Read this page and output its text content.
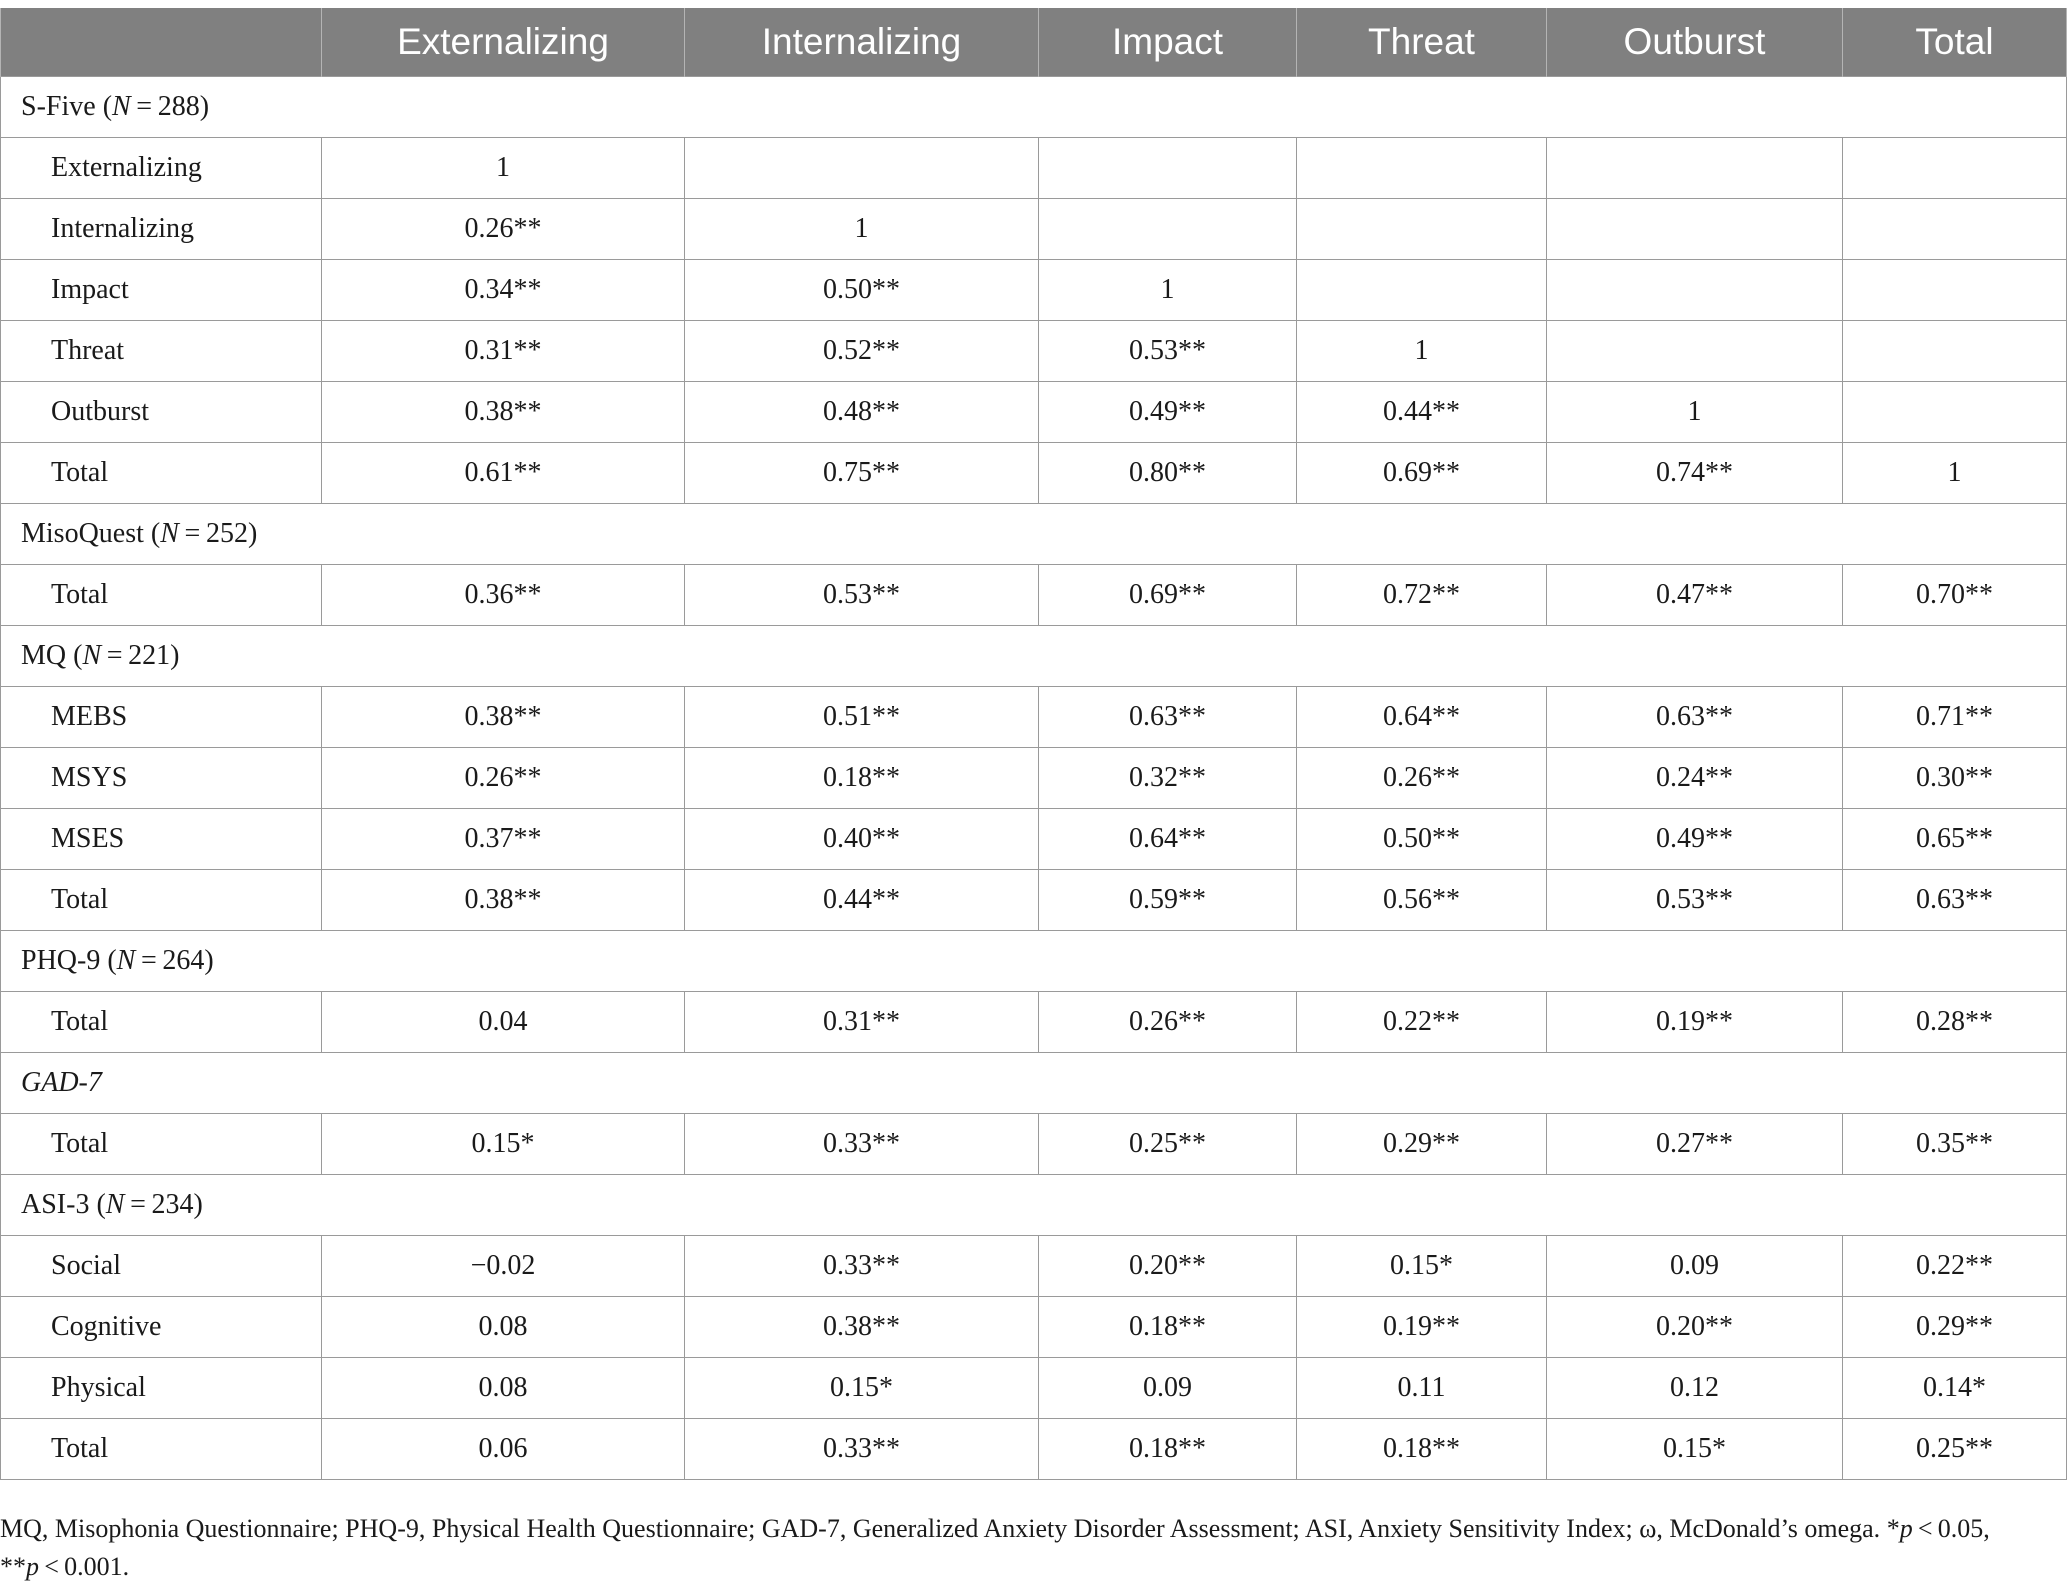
	Externalizing	Internalizing	Impact	Threat	Outburst	Total
S-Five (N = 288)						
Externalizing	1					
Internalizing	0.26**	1				
Impact	0.34**	0.50**	1			
Threat	0.31**	0.52**	0.53**	1		
Outburst	0.38**	0.48**	0.49**	0.44**	1	
Total	0.61**	0.75**	0.80**	0.69**	0.74**	1
MisoQuest (N = 252)						
Total	0.36**	0.53**	0.69**	0.72**	0.47**	0.70**
MQ (N = 221)						
MEBS	0.38**	0.51**	0.63**	0.64**	0.63**	0.71**
MSYS	0.26**	0.18**	0.32**	0.26**	0.24**	0.30**
MSES	0.37**	0.40**	0.64**	0.50**	0.49**	0.65**
Total	0.38**	0.44**	0.59**	0.56**	0.53**	0.63**
PHQ-9 (N = 264)						
Total	0.04	0.31**	0.26**	0.22**	0.19**	0.28**
GAD-7						
Total	0.15*	0.33**	0.25**	0.29**	0.27**	0.35**
ASI-3 (N = 234)						
Social	−0.02	0.33**	0.20**	0.15*	0.09	0.22**
Cognitive	0.08	0.38**	0.18**	0.19**	0.20**	0.29**
Physical	0.08	0.15*	0.09	0.11	0.12	0.14*
Total	0.06	0.33**	0.18**	0.18**	0.15*	0.25**
MQ, Misophonia Questionnaire; PHQ-9, Physical Health Questionnaire; GAD-7, Generalized Anxiety Disorder Assessment; ASI, Anxiety Sensitivity Index; ω, McDonald’s omega. *p < 0.05,
**p < 0.001.
